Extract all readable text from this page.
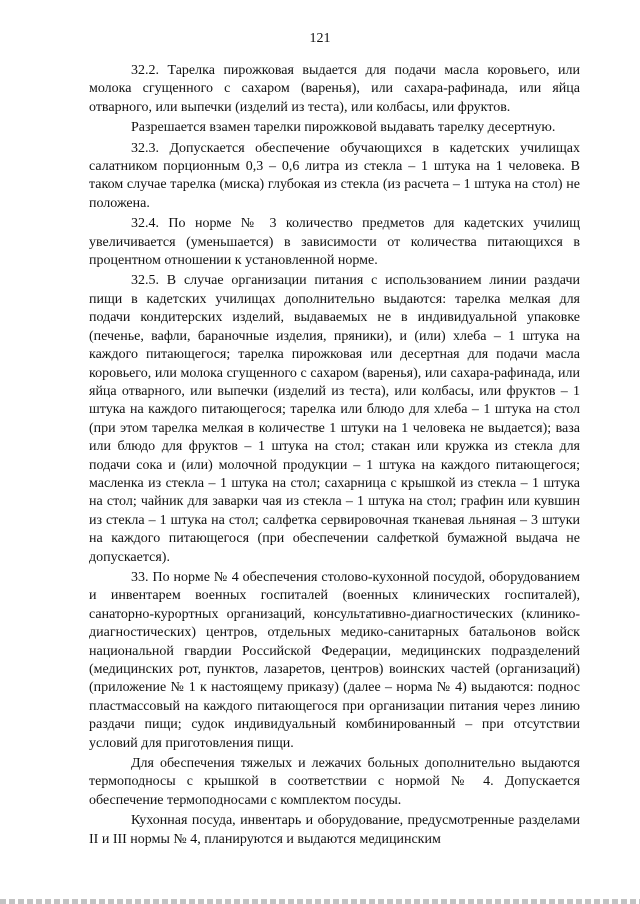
121

32.2. Тарелка пирожковая выдается для подачи масла коровьего, или молока сгущенного с сахаром (варенья), или сахара-рафинада, или яйца отварного, или выпечки (изделий из теста), или колбасы, или фруктов.

Разрешается взамен тарелки пирожковой выдавать тарелку десертную.

32.3. Допускается обеспечение обучающихся в кадетских училищах салатником порционным 0,3 – 0,6 литра из стекла – 1 штука на 1 человека. В таком случае тарелка (миска) глубокая из стекла (из расчета – 1 штука на стол) не положена.

32.4. По норме № 3 количество предметов для кадетских училищ увеличивается (уменьшается) в зависимости от количества питающихся в процентном отношении к установленной норме.

32.5. В случае организации питания с использованием линии раздачи пищи в кадетских училищах дополнительно выдаются: тарелка мелкая для подачи кондитерских изделий, выдаваемых не в индивидуальной упаковке (печенье, вафли, бараночные изделия, пряники), и (или) хлеба – 1 штука на каждого питающегося; тарелка пирожковая или десертная для подачи масла коровьего, или молока сгущенного с сахаром (варенья), или сахара-рафинада, или яйца отварного, или выпечки (изделий из теста), или колбасы, или фруктов – 1 штука на каждого питающегося; тарелка или блюдо для хлеба – 1 штука на стол (при этом тарелка мелкая в количестве 1 штуки на 1 человека не выдается); ваза или блюдо для фруктов – 1 штука на стол; стакан или кружка из стекла для подачи сока и (или) молочной продукции – 1 штука на каждого питающегося; масленка из стекла – 1 штука на стол; сахарница с крышкой из стекла – 1 штука на стол; чайник для заварки чая из стекла – 1 штука на стол; графин или кувшин из стекла – 1 штука на стол; салфетка сервировочная тканевая льняная – 3 штуки на каждого питающегося (при обеспечении салфеткой бумажной выдача не допускается).

33. По норме № 4 обеспечения столово-кухонной посудой, оборудованием и инвентарем военных госпиталей (военных клинических госпиталей), санаторно-курортных организаций, консультативно-диагностических (клинико-диагностических) центров, отдельных медико-санитарных батальонов войск национальной гвардии Российской Федерации, медицинских подразделений (медицинских рот, пунктов, лазаретов, центров) воинских частей (организаций) (приложение № 1 к настоящему приказу) (далее – норма № 4) выдаются: поднос пластмассовый на каждого питающегося при организации питания через линию раздачи пищи; судок индивидуальный комбинированный – при отсутствии условий для приготовления пищи.

Для обеспечения тяжелых и лежачих больных дополнительно выдаются термоподносы с крышкой в соответствии с нормой № 4. Допускается обеспечение термоподносами с комплектом посуды.

Кухонная посуда, инвентарь и оборудование, предусмотренные разделами II и III нормы № 4, планируются и выдаются медицинским
